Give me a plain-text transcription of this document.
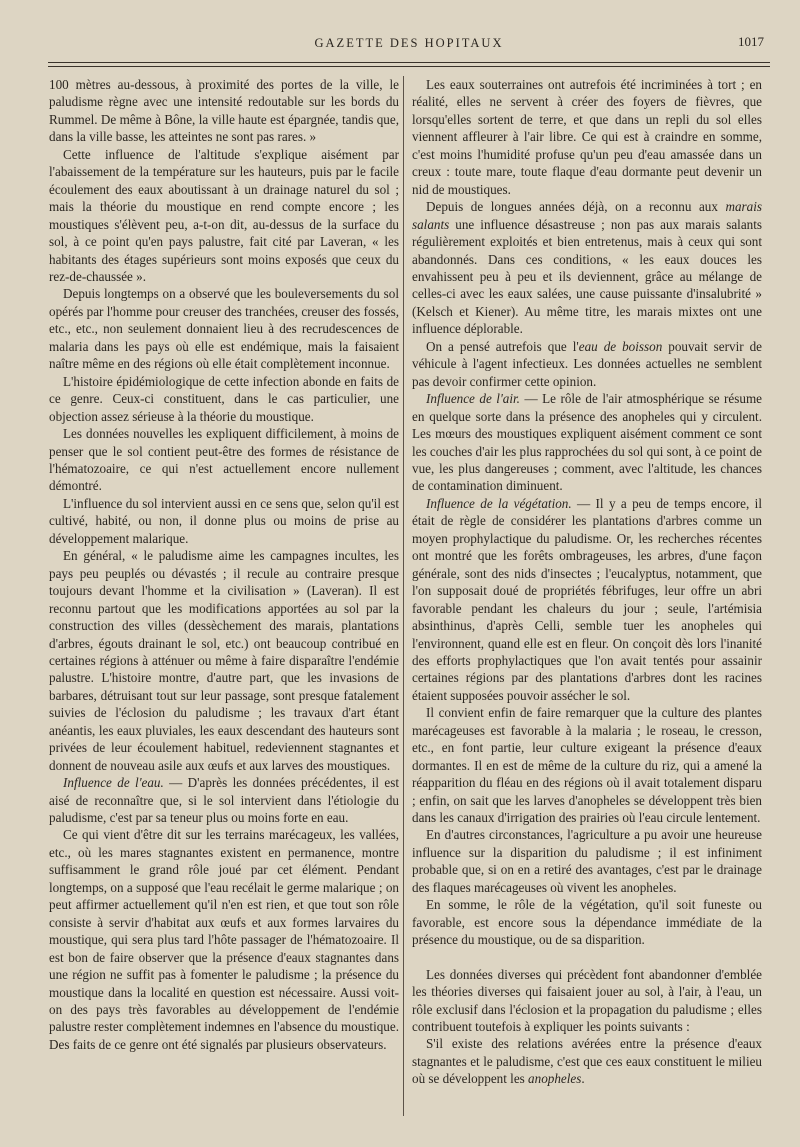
GAZETTE DES HOPITAUX	1017

100 mètres au-dessous, à proximité des portes de la ville, le paludisme règne avec une intensité redoutable sur les bords du Rummel. De même à Bône, la ville haute est épargnée, tandis que, dans la ville basse, les atteintes ne sont pas rares. »

Cette influence de l'altitude s'explique aisément par l'abaissement de la température sur les hauteurs, puis par le facile écoulement des eaux aboutissant à un drainage naturel du sol ; mais la théorie du moustique en rend compte encore ; les moustiques s'élèvent peu, a-t-on dit, au-dessus de la surface du sol, à ce point qu'en pays palustre, fait cité par Laveran, « les habitants des étages supérieurs sont moins exposés que ceux du rez-de-chaussée ».

Depuis longtemps on a observé que les bouleversements du sol opérés par l'homme pour creuser des tranchées, creuser des fossés, etc., etc., non seulement donnaient lieu à des recrudescences de malaria dans les pays où elle est endémique, mais la faisaient naître même en des régions où elle était complètement inconnue.

L'histoire épidémiologique de cette infection abonde en faits de ce genre. Ceux-ci constituent, dans le cas particulier, une objection assez sérieuse à la théorie du moustique.

Les données nouvelles les expliquent difficilement, à moins de penser que le sol contient peut-être des formes de résistance de l'hématozoaire, ce qui n'est actuellement encore nullement démontré.

L'influence du sol intervient aussi en ce sens que, selon qu'il est cultivé, habité, ou non, il donne plus ou moins de prise au développement malarique.

En général, « le paludisme aime les campagnes incultes, les pays peu peuplés ou dévastés ; il recule au contraire presque toujours devant l'homme et la civilisation » (Laveran). Il est reconnu partout que les modifications apportées au sol par la construction des villes (dessèchement des marais, plantations d'arbres, égouts drainant le sol, etc.) ont beaucoup contribué en certaines régions à atténuer ou même à faire disparaître l'endémie palustre. L'histoire montre, d'autre part, que les invasions de barbares, détruisant tout sur leur passage, sont presque fatalement suivies de l'éclosion du paludisme ; les travaux d'art étant anéantis, les eaux pluviales, les eaux descendant des hauteurs sont privées de leur écoulement habituel, redeviennent stagnantes et donnent de nouveau asile aux œufs et aux larves des moustiques.

Influence de l'eau. — D'après les données précédentes, il est aisé de reconnaître que, si le sol intervient dans l'étiologie du paludisme, c'est par sa teneur plus ou moins forte en eau.

Ce qui vient d'être dit sur les terrains marécageux, les vallées, etc., où les mares stagnantes existent en permanence, montre suffisamment le grand rôle joué par cet élément. Pendant longtemps, on a supposé que l'eau recélait le germe malarique ; on peut affirmer actuellement qu'il n'en est rien, et que tout son rôle consiste à servir d'habitat aux œufs et aux formes larvaires du moustique, qui sera plus tard l'hôte passager de l'hématozoaire. Il est bon de faire observer que la présence d'eaux stagnantes dans une région ne suffit pas à fomenter le paludisme ; la présence du moustique dans la localité en question est nécessaire. Aussi voit-on des pays très favorables au développement de l'endémie palustre rester complètement indemnes en l'absence du moustique. Des faits de ce genre ont été signalés par plusieurs observateurs.

Les eaux souterraines ont autrefois été incriminées à tort ; en réalité, elles ne servent à créer des foyers de fièvres, que lorsqu'elles sortent de terre, et que dans un repli du sol elles viennent affleurer à l'air libre. Ce qui est à craindre en somme, c'est moins l'humidité profuse qu'un peu d'eau amassée dans un creux : toute mare, toute flaque d'eau dormante peut devenir un nid de moustiques.

Depuis de longues années déjà, on a reconnu aux marais salants une influence désastreuse ; non pas aux marais salants régulièrement exploités et bien entretenus, mais à ceux qui sont abandonnés. Dans ces conditions, « les eaux douces les envahissent peu à peu et ils deviennent, grâce au mélange de celles-ci avec les eaux salées, une cause puissante d'insalubrité » (Kelsch et Kiener). Au même titre, les marais mixtes ont une influence déplorable.

On a pensé autrefois que l'eau de boisson pouvait servir de véhicule à l'agent infectieux. Les données actuelles ne semblent pas devoir confirmer cette opinion.

Influence de l'air. — Le rôle de l'air atmosphérique se résume en quelque sorte dans la présence des anopheles qui y circulent. Les mœurs des moustiques expliquent aisément comment ce sont les couches d'air les plus rapprochées du sol qui sont, à ce point de vue, les plus dangereuses ; comment, avec l'altitude, les chances de contamination diminuent.

Influence de la végétation. — Il y a peu de temps encore, il était de règle de considérer les plantations d'arbres comme un moyen prophylactique du paludisme. Or, les recherches récentes ont montré que les forêts ombrageuses, les arbres, d'une façon générale, sont des nids d'insectes ; l'eucalyptus, notamment, que l'on supposait doué de propriétés fébrifuges, leur offre un abri favorable pendant les chaleurs du jour ; seule, l'artémisia absinthinus, d'après Celli, semble tuer les anopheles qui l'environnent, quand elle est en fleur. On conçoit dès lors l'inanité des efforts prophylactiques que l'on avait tentés pour assainir certaines régions par des plantations d'arbres dont les racines étaient supposées pouvoir assécher le sol.

Il convient enfin de faire remarquer que la culture des plantes marécageuses est favorable à la malaria ; le roseau, le cresson, etc., en font partie, leur culture exigeant la présence d'eaux dormantes. Il en est de même de la culture du riz, qui a amené la réapparition du fléau en des régions où il avait totalement disparu ; enfin, on sait que les larves d'anopheles se développent très bien dans les canaux d'irrigation des prairies où l'eau circule lentement.

En d'autres circonstances, l'agriculture a pu avoir une heureuse influence sur la disparition du paludisme ; il est infiniment probable que, si on en a retiré des avantages, c'est par le drainage des flaques marécageuses où vivent les anopheles.

En somme, le rôle de la végétation, qu'il soit funeste ou favorable, est encore sous la dépendance immédiate de la présence du moustique, ou de sa disparition.

Les données diverses qui précèdent font abandonner d'emblée les théories diverses qui faisaient jouer au sol, à l'air, à l'eau, un rôle exclusif dans l'éclosion et la propagation du paludisme ; elles contribuent toutefois à expliquer les points suivants :

S'il existe des relations avérées entre la présence d'eaux stagnantes et le paludisme, c'est que ces eaux constituent le milieu où se développent les anopheles.
